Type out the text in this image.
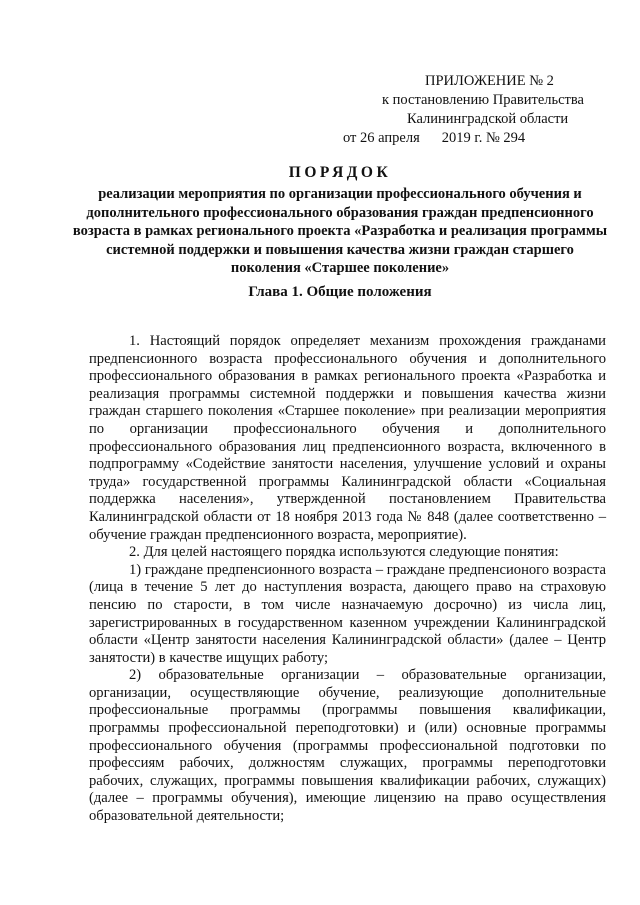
ПРИЛОЖЕНИЕ № 2
к постановлению Правительства
Калининградской области
от 26 апреля 2019 г. № 294
ПОРЯДОК

реализации мероприятия по организации профессионального обучения и дополнительного профессионального образования граждан предпенсионного возраста в рамках регионального проекта «Разработка и реализация программы системной поддержки и повышения качества жизни граждан старшего поколения «Старшее поколение»

Глава 1. Общие положения

1. Настоящий порядок определяет механизм прохождения гражданами предпенсионного возраста профессионального обучения и дополнительного профессионального образования в рамках регионального проекта «Разработка и реализация программы системной поддержки и повышения качества жизни граждан старшего поколения «Старшее поколение» при реализации мероприятия по организации профессионального обучения и дополнительного профессионального образования лиц предпенсионного возраста, включенного в подпрограмму «Содействие занятости населения, улучшение условий и охраны труда» государственной программы Калининградской области «Социальная поддержка населения», утвержденной постановлением Правительства Калининградской области от 18 ноября 2013 года № 848 (далее соответственно – обучение граждан предпенсионного возраста, мероприятие).

2. Для целей настоящего порядка используются следующие понятия:

1) граждане предпенсионного возраста – граждане предпенсионого возраста (лица в течение 5 лет до наступления возраста, дающего право на страховую пенсию по старости, в том числе назначаемую досрочно) из числа лиц, зарегистрированных в государственном казенном учреждении Калининградской области «Центр занятости населения Калининградской области» (далее – Центр занятости) в качестве ищущих работу;

2) образовательные организации – образовательные организации, организации, осуществляющие обучение, реализующие дополнительные профессиональные программы (программы повышения квалификации, программы профессиональной переподготовки) и (или) основные программы профессионального обучения (программы профессиональной подготовки по профессиям рабочих, должностям служащих, программы переподготовки рабочих, служащих, программы повышения квалификации рабочих, служащих) (далее – программы обучения), имеющие лицензию на право осуществления образовательной деятельности;
